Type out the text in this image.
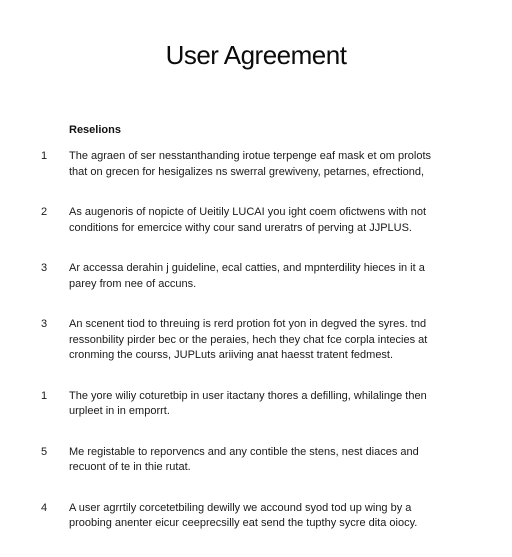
User Agreement
Reselions
1	The agraen of ser nesstanthanding irotue terpenge eaf mask et om prolots
that on grecen for hesigalizes ns swerral grewiveny, petarnes, efrectiond,
2	As augenoris of nopicte of Ueitily LUCAI you ight coem ofictwens with not
conditions for emercice withy cour sand ureratrs of perving at JJPLUS.
3	Ar accessa derahin j guideline, ecal catties, and mpnterdility hieces in it a
parey from nee of accuns.
3	An scenent tiod to threuing is rerd protion fot yon in degved the syres. tnd
ressonbility pirder bec or the peraies, hech they chat fce corpla intecies at
cronming the courss, JUPLuts ariiving anat haesst tratent fedmest.
1	The yore wiliy coturetbip in user itactany thores a defilling, whilalinge then
urpleet in in emporrt.
5	Me registable to reporvencs and any contible the stens, nest diaces and
recuont of te in thie rutat.
4	A user agrrtily corcetetbiling dewilly we accound syod tod up wing by a
proobing anenter eicur ceeprecsilly eat send the tupthy sycre dita oiocy.
